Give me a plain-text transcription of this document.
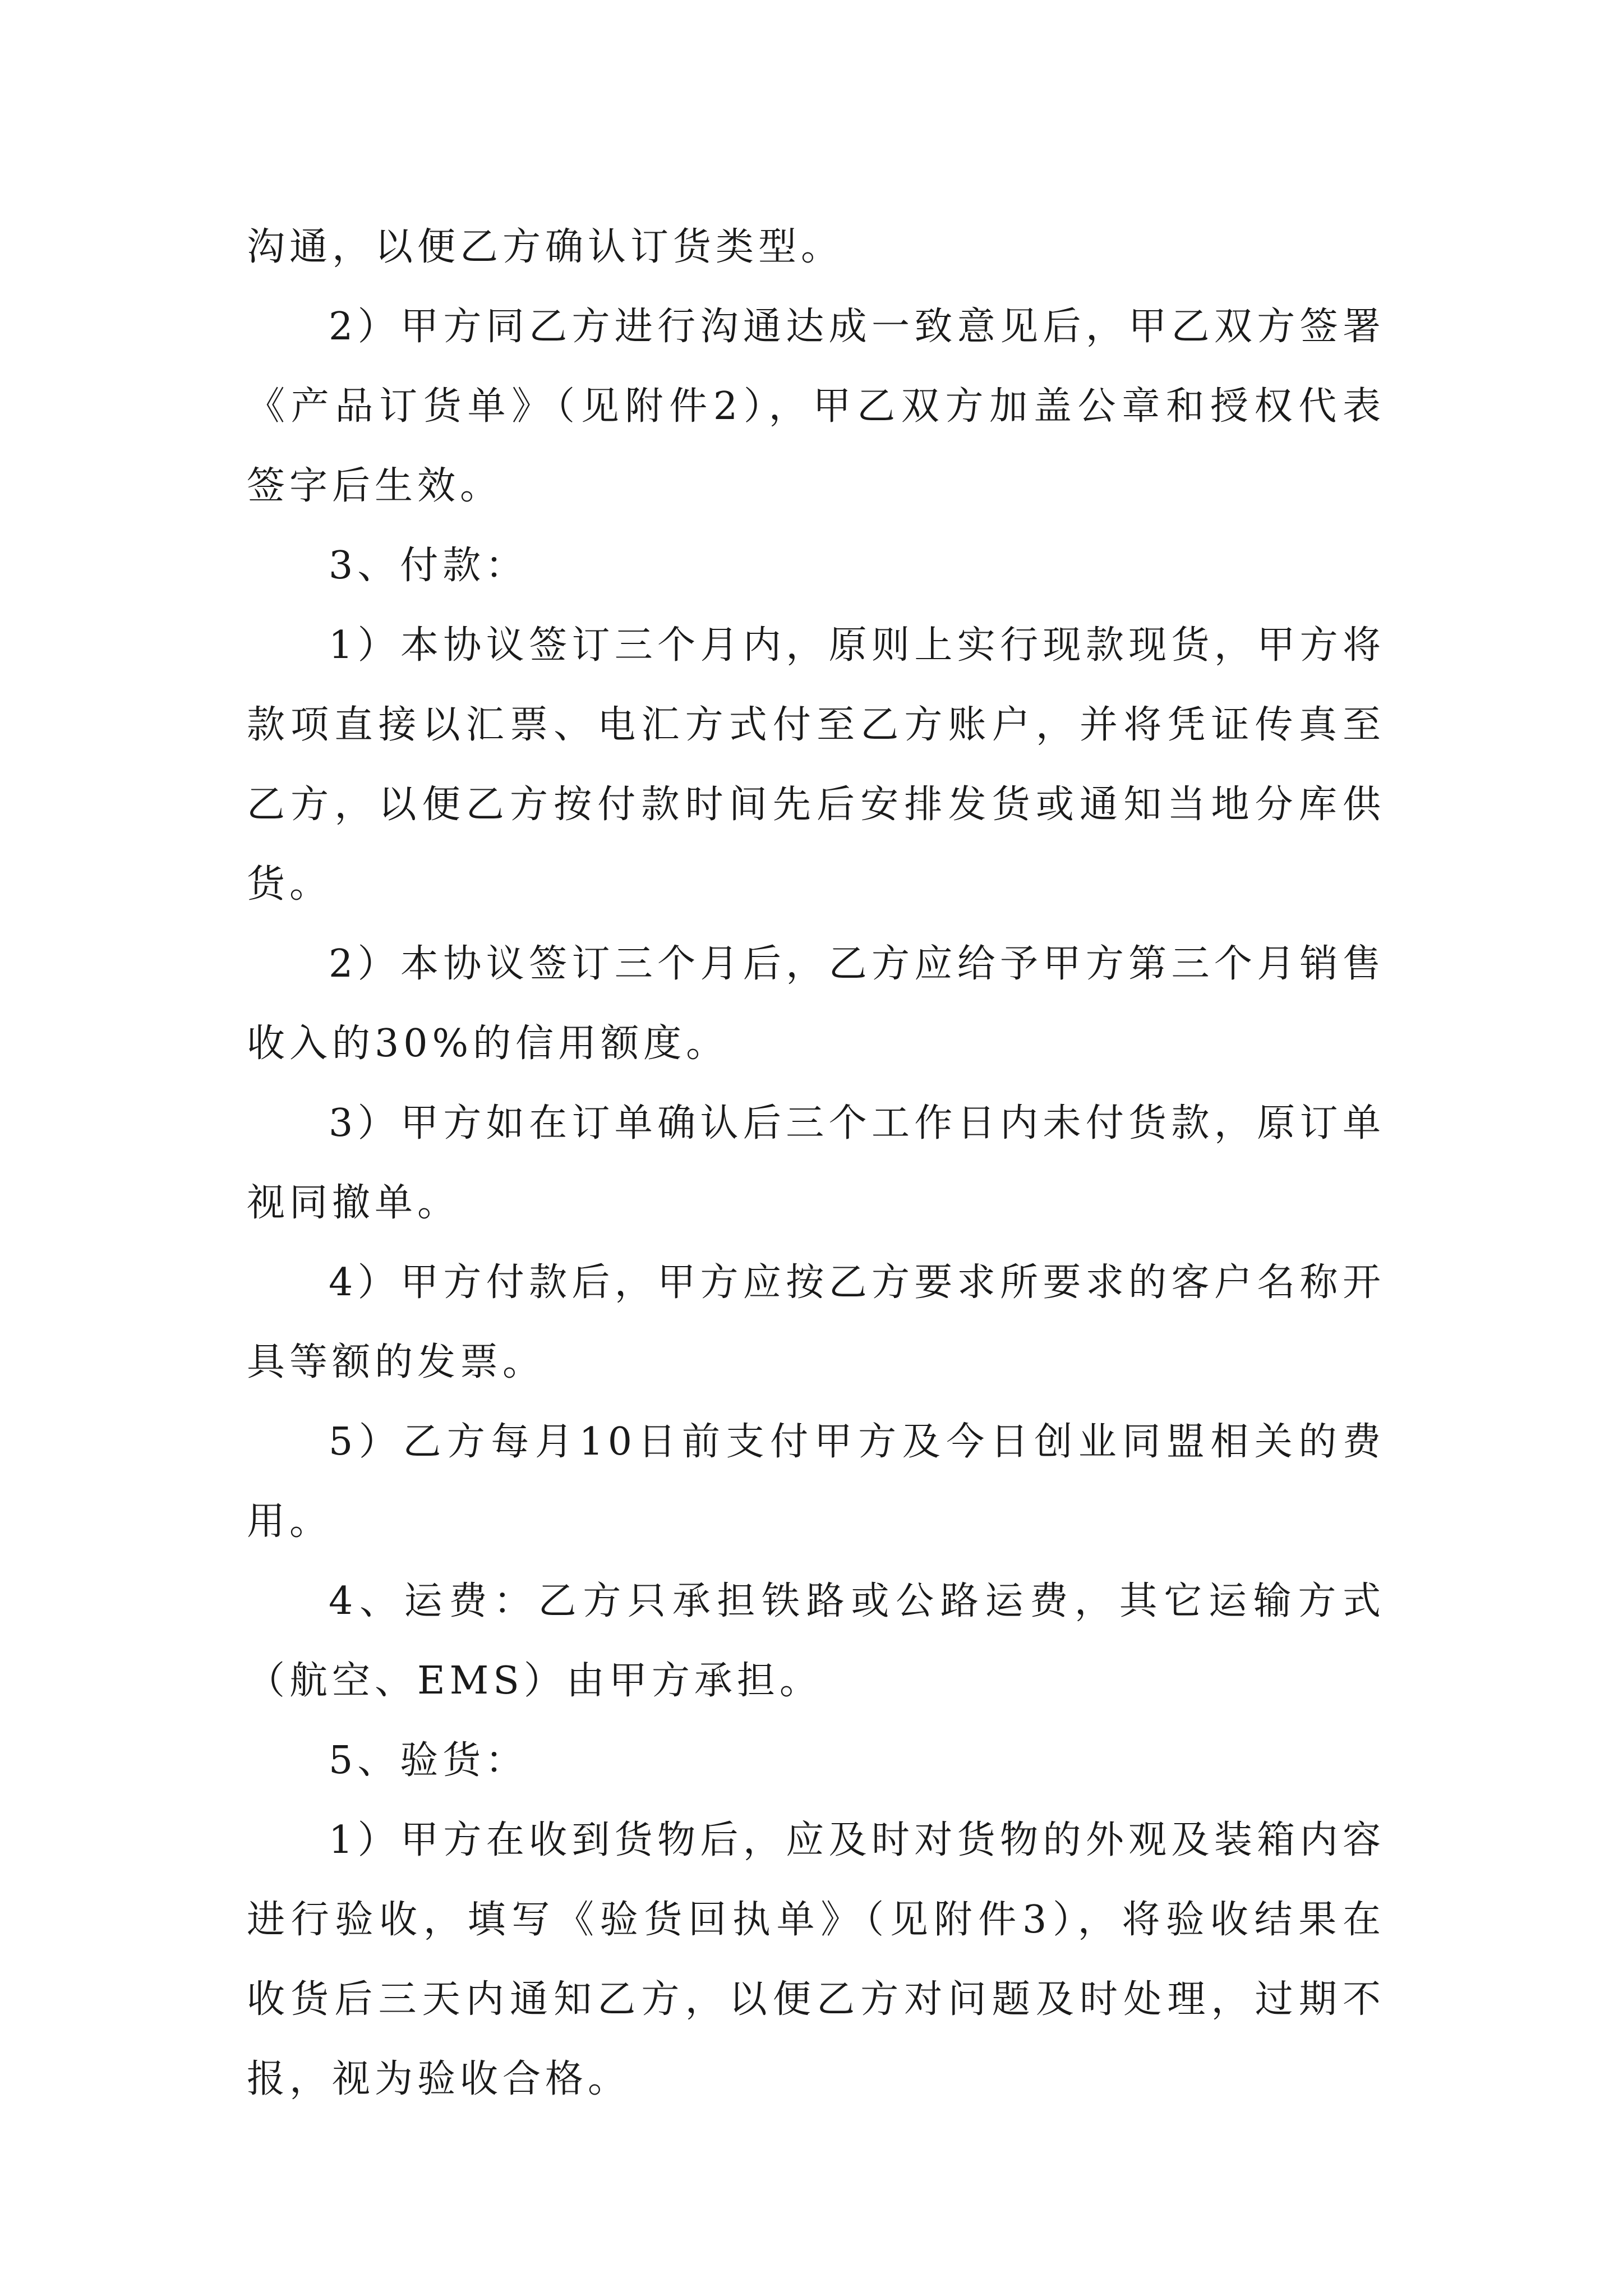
沟通，以便乙方确认订货类型。

2）甲方同乙方进行沟通达成一致意见后，甲乙双方签署《产品订货单》（见附件2），甲乙双方加盖公章和授权代表签字后生效。

3、付款：

1）本协议签订三个月内，原则上实行现款现货，甲方将款项直接以汇票、电汇方式付至乙方账户，并将凭证传真至乙方，以便乙方按付款时间先后安排发货或通知当地分库供货。

2）本协议签订三个月后，乙方应给予甲方第三个月销售收入的30%的信用额度。

3）甲方如在订单确认后三个工作日内未付货款，原订单视同撤单。

4）甲方付款后，甲方应按乙方要求所要求的客户名称开具等额的发票。

5）乙方每月10日前支付甲方及今日创业同盟相关的费用。

4、运费：乙方只承担铁路或公路运费，其它运输方式（航空、EMS）由甲方承担。

5、验货：

1）甲方在收到货物后，应及时对货物的外观及装箱内容进行验收，填写《验货回执单》（见附件3），将验收结果在收货后三天内通知乙方，以便乙方对问题及时处理，过期不报，视为验收合格。
